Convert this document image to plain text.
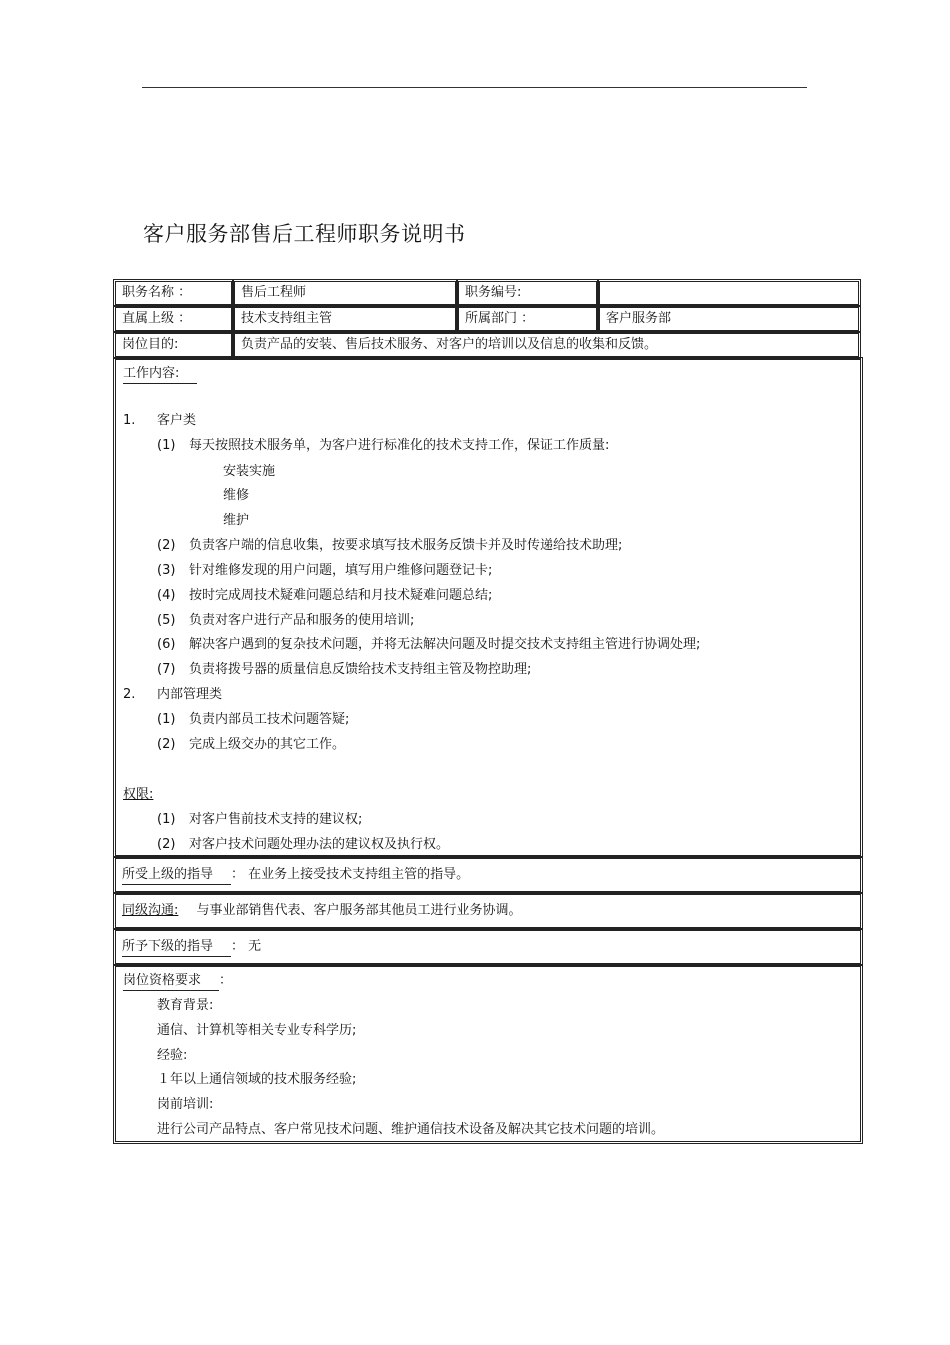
客户服务部售后工程师职务说明书
职务名称 ：	售后工程师	职务编号:
直属上级 ：	技术支持组主管	所属部门 ：	客户服务部
岗位目的:	负责产品的安装、售后技术服务、对客户的培训以及信息的收集和反馈。
工作内容:
1. 客户类
(1) 每天按照技术服务单，为客户进行标准化的技术支持工作，保证工作质量:
安装实施
维修
维护
(2) 负责客户端的信息收集，按要求填写技术服务反馈卡并及时传递给技术助理;
(3) 针对维修发现的用户问题，填写用户维修问题登记卡;
(4) 按时完成周技术疑难问题总结和月技术疑难问题总结;
(5) 负责对客户进行产品和服务的使用培训;
(6) 解决客户遇到的复杂技术问题，并将无法解决问题及时提交技术支持组主管进行协调处理;
(7) 负责将拨号器的质量信息反馈给技术支持组主管及物控助理;
2. 内部管理类
(1) 负责内部员工技术问题答疑;
(2) 完成上级交办的其它工作。
权限:
(1) 对客户售前技术支持的建议权;
(2) 对客户技术问题处理办法的建议权及执行权。
所受上级的指导 ： 在业务上接受技术支持组主管的指导。
同级沟通: 与事业部销售代表、客户服务部其他员工进行业务协调。
所予下级的指导 ： 无
岗位资格要求 ：
教育背景:
通信、计算机等相关专业专科学历;
经验:
１年以上通信领域的技术服务经验;
岗前培训:
进行公司产品特点、客户常见技术问题、维护通信技术设备及解决其它技术问题的培训。
